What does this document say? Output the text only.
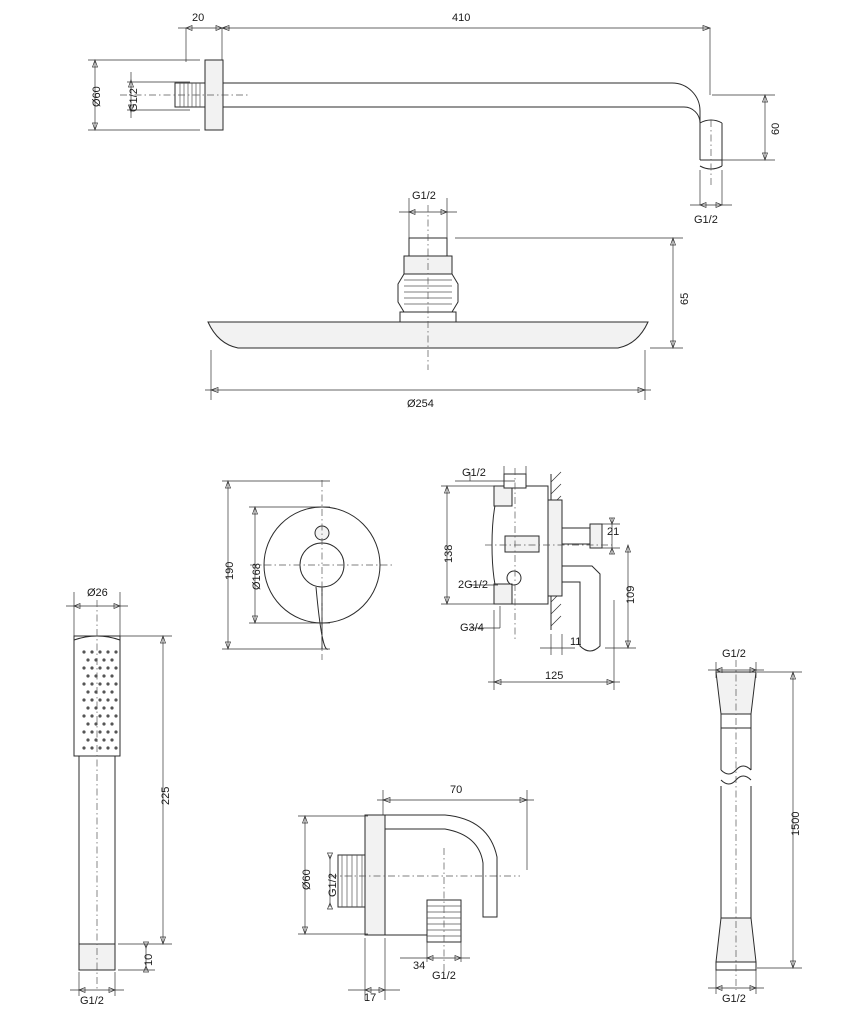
20	410
Ø60 G1/2
60
G1/2
G1/2
65
Ø254
190 Ø168
G1/2
138
2G1/2
G3/4
21
109
11
125
Ø26
225
10
G1/2
70
Ø60 G1/2
34
G1/2
17
G1/2
1500
G1/2
